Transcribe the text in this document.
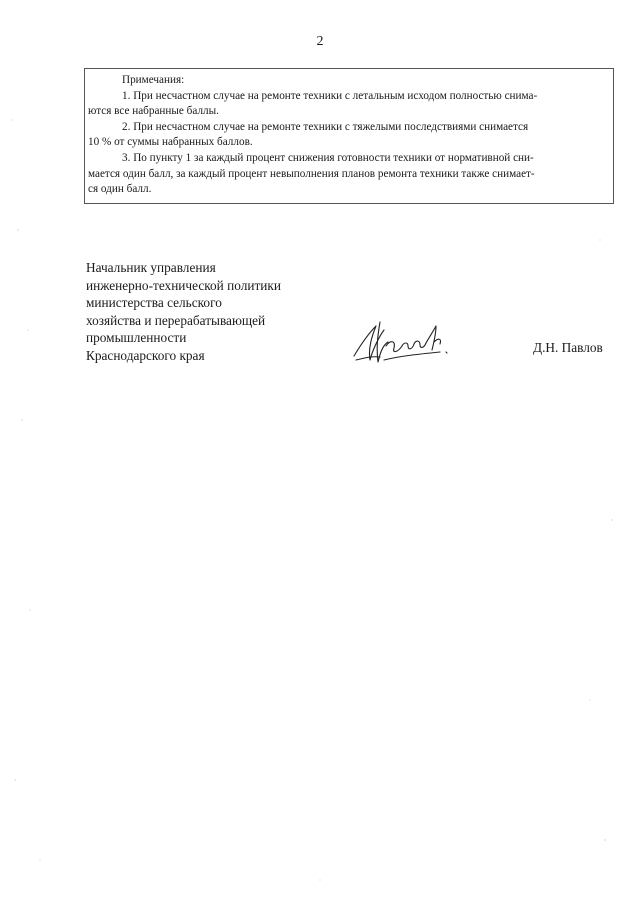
2
Примечания:
1. При несчастном случае на ремонте техники с летальным исходом полностью снима-
ются все набранные баллы.
2. При несчастном случае на ремонте техники с тяжелыми последствиями снимается
10 % от суммы набранных баллов.
3. По пункту 1 за каждый процент снижения готовности техники от нормативной сни-
мается один балл, за каждый процент невыполнения планов ремонта техники также снимает-
ся один балл.
Начальник управления
инженерно-технической политики
министерства сельского
хозяйства и перерабатывающей
промышленности
Краснодарского края
Д.Н. Павлов
